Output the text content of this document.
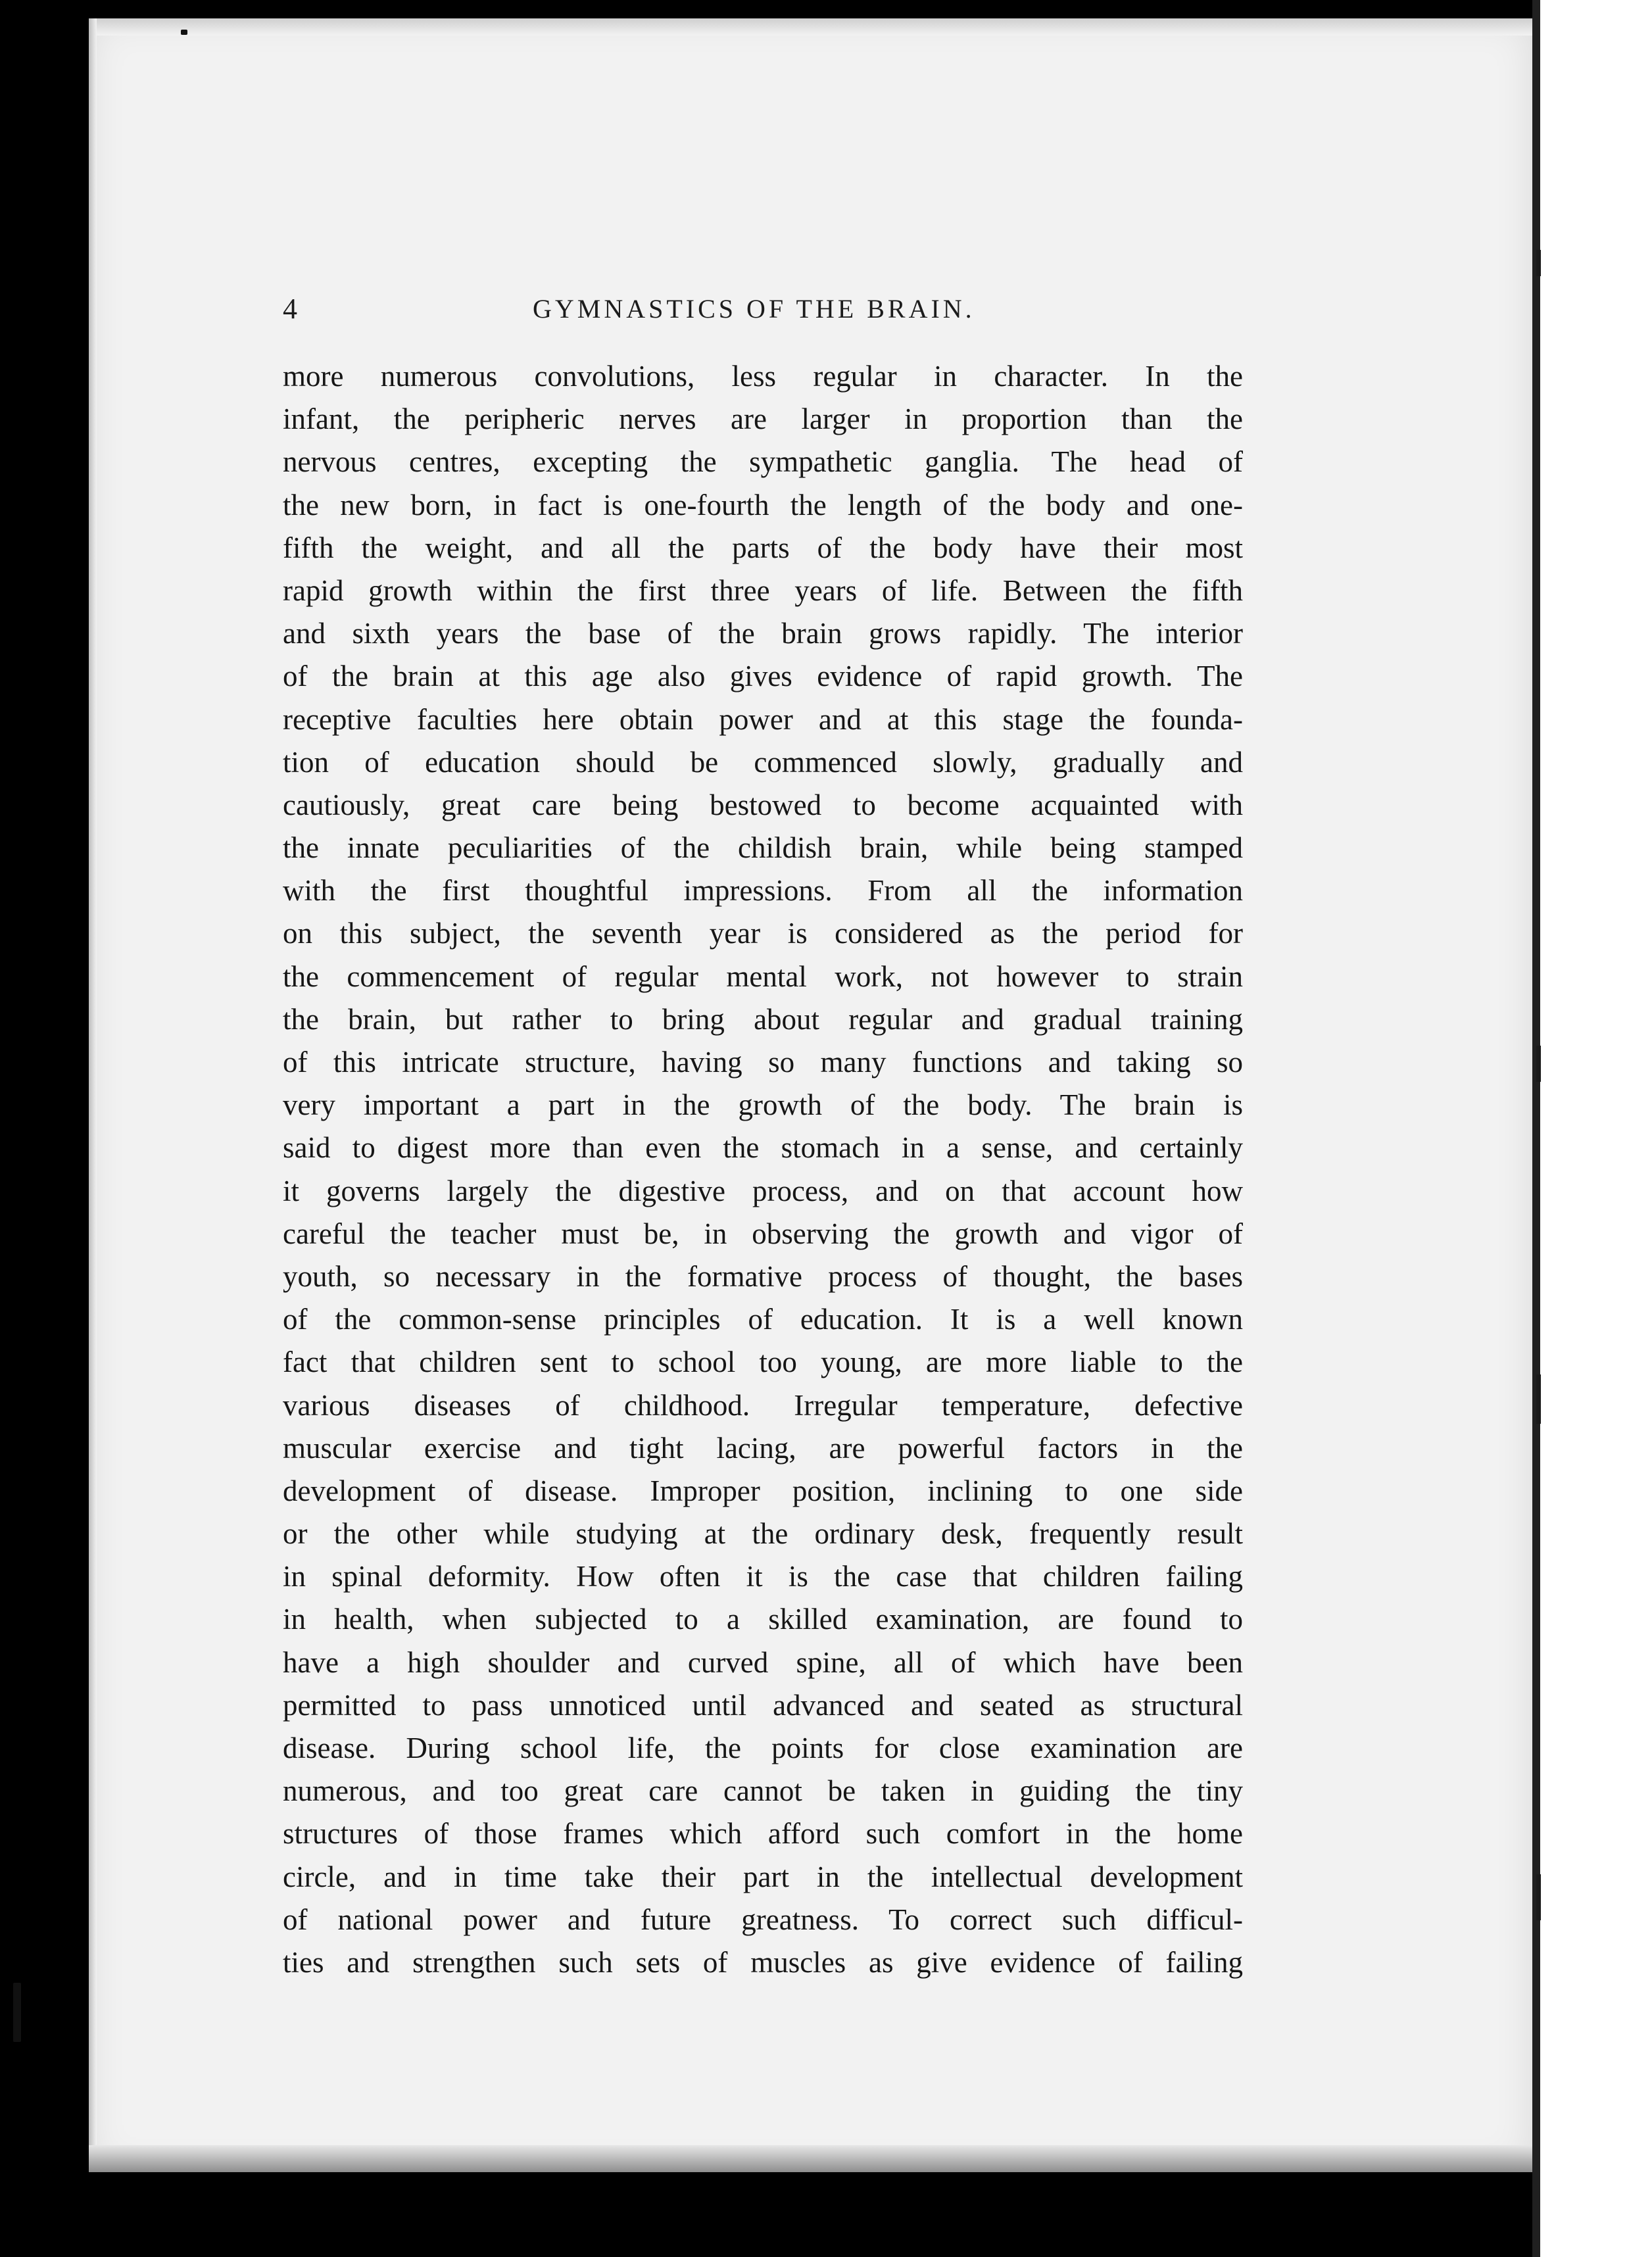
4	GYMNASTICS OF THE BRAIN.
more numerous convolutions, less regular in character. In the
infant, the peripheric nerves are larger in proportion than the
nervous centres, excepting the sympathetic ganglia. The head of
the new born, in fact is one-fourth the length of the body and one-
fifth the weight, and all the parts of the body have their most
rapid growth within the first three years of life. Between the fifth
and sixth years the base of the brain grows rapidly. The interior
of the brain at this age also gives evidence of rapid growth. The
receptive faculties here obtain power and at this stage the founda-
tion of education should be commenced slowly, gradually and
cautiously, great care being bestowed to become acquainted with
the innate peculiarities of the childish brain, while being stamped
with the first thoughtful impressions. From all the information
on this subject, the seventh year is considered as the period for
the commencement of regular mental work, not however to strain
the brain, but rather to bring about regular and gradual training
of this intricate structure, having so many functions and taking so
very important a part in the growth of the body. The brain is
said to digest more than even the stomach in a sense, and certainly
it governs largely the digestive process, and on that account how
careful the teacher must be, in observing the growth and vigor of
youth, so necessary in the formative process of thought, the bases
of the common-sense principles of education. It is a well known
fact that children sent to school too young, are more liable to the
various diseases of childhood. Irregular temperature, defective
muscular exercise and tight lacing, are powerful factors in the
development of disease. Improper position, inclining to one side
or the other while studying at the ordinary desk, frequently result
in spinal deformity. How often it is the case that children failing
in health, when subjected to a skilled examination, are found to
have a high shoulder and curved spine, all of which have been
permitted to pass unnoticed until advanced and seated as structural
disease. During school life, the points for close examination are
numerous, and too great care cannot be taken in guiding the tiny
structures of those frames which afford such comfort in the home
circle, and in time take their part in the intellectual development
of national power and future greatness. To correct such difficul-
ties and strengthen such sets of muscles as give evidence of failing
